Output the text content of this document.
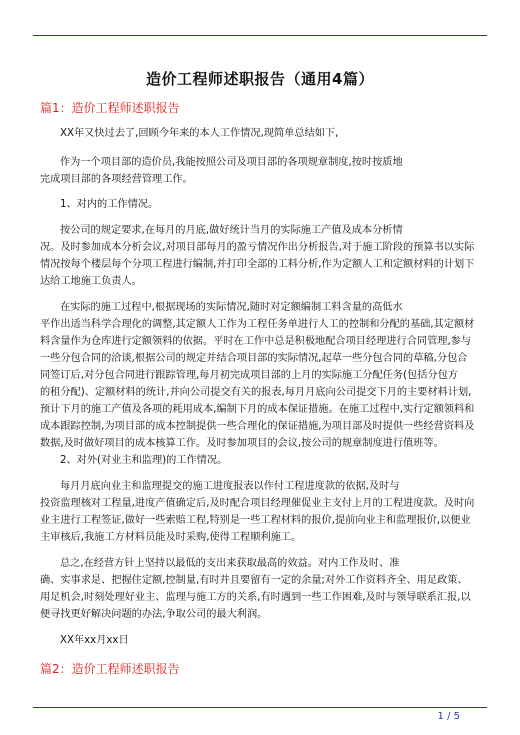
造价工程师述职报告（通用4篇）
篇1：造价工程师述职报告
XX年又快过去了,回顾今年来的本人工作情况,现简单总结如下,
作为一个项目部的造价员,我能按照公司及项目部的各项规章制度,按时按质地
完成项目部的各项经营管理工作。
1、对内的工作情况。
按公司的规定要求,在每月的月底,做好统计当月的实际施工产值及成本分析情
况。及时参加成本分析会议,对项目部每月的盈亏情况作出分析报告,对于施工阶段的预算书以实际
情况按每个楼层每个分项工程进行编制,并打印全部的工料分析,作为定额人工和定额材料的计划下
达给工地施工负责人。
在实际的施工过程中,根据现场的实际情况,随时对定额编制工料含量的高低水
平作出适当科学合理化的调整,其定额人工作为工程任务单进行人工的控制和分配的基础,其定额材
料含量作为仓库进行定额领料的依据。平时在工作中总是积极地配合项目经理进行合同管理,参与
一些分包合同的洽谈,根据公司的规定并结合项目部的实际情况,起草一些分包合同的草稿,分包合
同签订后,对分包合同进行跟踪管理,每月初完成项目部的上月的实际施工分配任务(包括分包方
的租分配)、定额材料的统计,并向公司提交有关的报表,每月月底向公司提交下月的主要材料计划,
预计下月的施工产值及各项的耗用成本,编制下月的成本保证措施。在施工过程中,实行定额领料和
成本跟踪控制,为项目部的成本控制提供一些合理化的保证措施,为项目部及时提供一些经营资料及
数据,及时做好项目的成本核算工作。及时参加项目的会议,按公司的规章制度进行值班等。
2、对外(对业主和监理)的工作情况。
每月月底向业主和监理提交的施工进度报表以作付工程进度款的依据,及时与
投资监理核对工程量,进度产值确定后,及时配合项目经理催促业主支付上月的工程进度款。及时向
业主进行工程签证,做好一些索赔工程,特别是一些工程材料的报价,提前向业主和监理报价,以便业
主审核后,我施工方材料员能及时采购,使得工程顺利施工。
总之,在经营方针上坚持以最低的支出来获取最高的效益。对内工作及时、准
确、实事求是、把握住定额,控制量,有时并且要留有一定的余量;对外工作资料齐全、用足政策、
用足机会,时刻处理好业主、监理与施工方的关系,有时遇到一些工作困难,及时与领导联系汇报,以
便寻找更好解决问题的办法,争取公司的最大利润。
XX年xx月xx日
篇2：造价工程师述职报告
1 / 5
